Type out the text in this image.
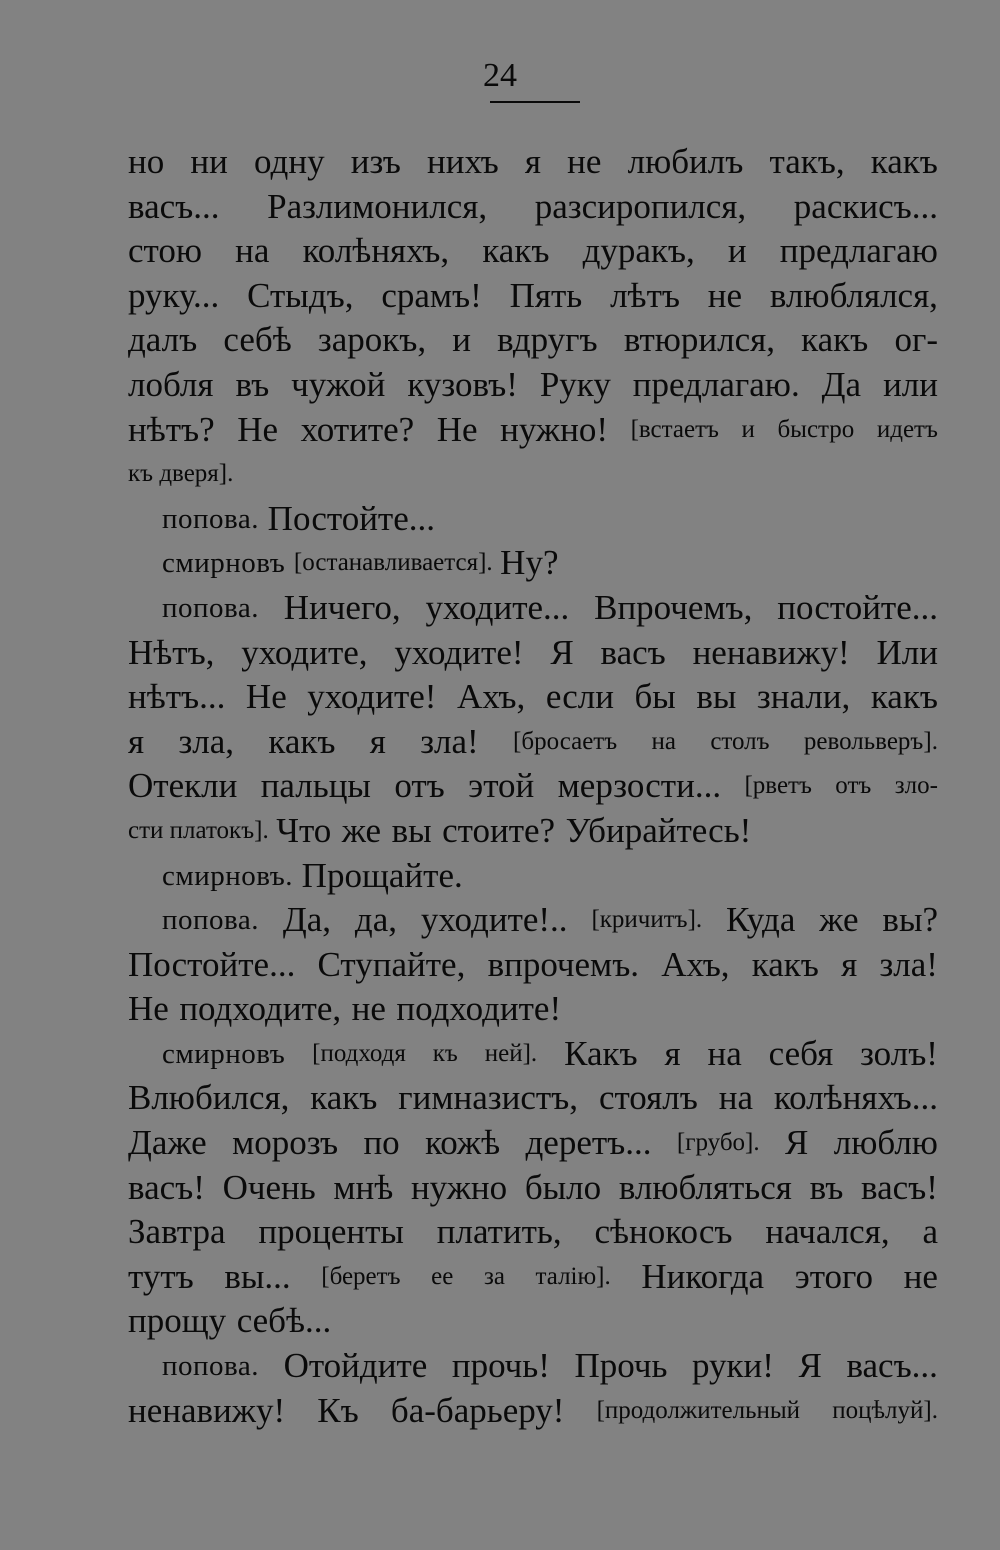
24
но ни одну изъ нихъ я не любилъ такъ, какъ
васъ... Разлимонился, разсиропился, раскисъ...
стою на колѣняхъ, какъ дуракъ, и предлагаю
руку... Стыдъ, срамъ! Пять лѣтъ не влюблялся,
далъ себѣ зарокъ, и вдругъ втюрился, какъ ог-
лобля въ чужой кузовъ! Руку предлагаю. Да или
нѣтъ? Не хотите? Не нужно! [встаетъ и быстро идетъ
къ дверя].
попова. Постойте...
смирновъ [останавливается]. Ну?
попова. Ничего, уходите... Впрочемъ, постойте...
Нѣтъ, уходите, уходите! Я васъ ненавижу! Или
нѣтъ... Не уходите! Ахъ, если бы вы знали, какъ
я зла, какъ я зла! [бросаетъ на столъ револьверъ].
Отекли пальцы отъ этой мерзости... [рветъ отъ зло-
сти платокъ]. Что же вы стоите? Убирайтесь!
смирновъ. Прощайте.
попова. Да, да, уходите!.. [кричитъ]. Куда же вы?
Постойте... Ступайте, впрочемъ. Ахъ, какъ я зла!
Не подходите, не подходите!
смирновъ [подходя къ ней]. Какъ я на себя золъ!
Влюбился, какъ гимназистъ, стоялъ на колѣняхъ...
Даже морозъ по кожѣ деретъ... [грубо]. Я люблю
васъ! Очень мнѣ нужно было влюбляться въ васъ!
Завтра проценты платить, сѣнокосъ начался, а
тутъ вы... [беретъ ее за талію]. Никогда этого не
прощу себѣ...
попова. Отойдите прочь! Прочь руки! Я васъ...
ненавижу! Къ ба-барьеру! [продолжительный поцѣлуй].
